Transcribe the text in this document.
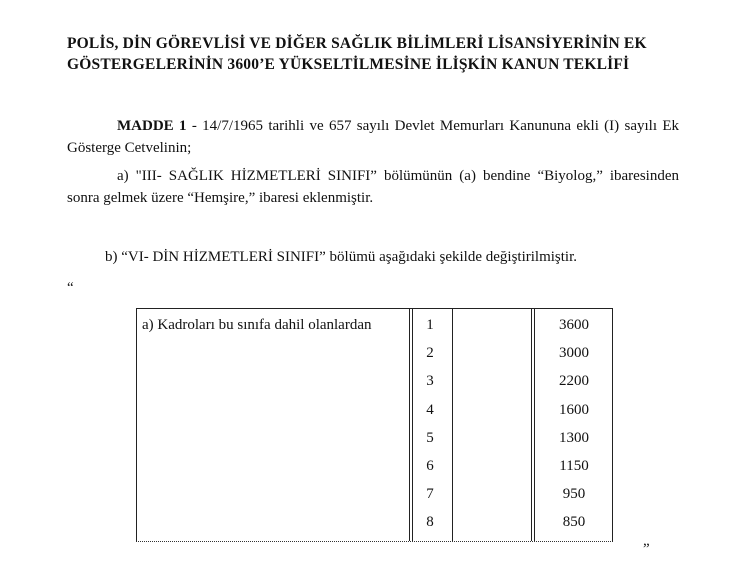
POLİS, DİN GÖREVLİSİ VE DİĞER SAĞLIK BİLİMLERİ LİSANSİYERİNİN EK GÖSTERGELERİNİN 3600’E YÜKSELTİLMESİNE İLİŞKİN KANUN TEKLİFİ
MADDE 1 - 14/7/1965 tarihli ve 657 sayılı Devlet Memurları Kanununa ekli (I) sayılı Ek Gösterge Cetvelinin;
a) "III- SAĞLIK HİZMETLERİ SINIFI” bölümünün (a) bendine “Biyolog,” ibaresinden sonra gelmek üzere “Hemşire,” ibaresi eklenmiştir.
b) “VI- DİN HİZMETLERİ SINIFI” bölümü aşağıdaki şekilde değiştirilmiştir.
“
a) Kadroları bu sınıfa dahil olanlardan	1	3600
2	3000
3	2200
4	1600
5	1300
6	1150
7	950
8	850
”
